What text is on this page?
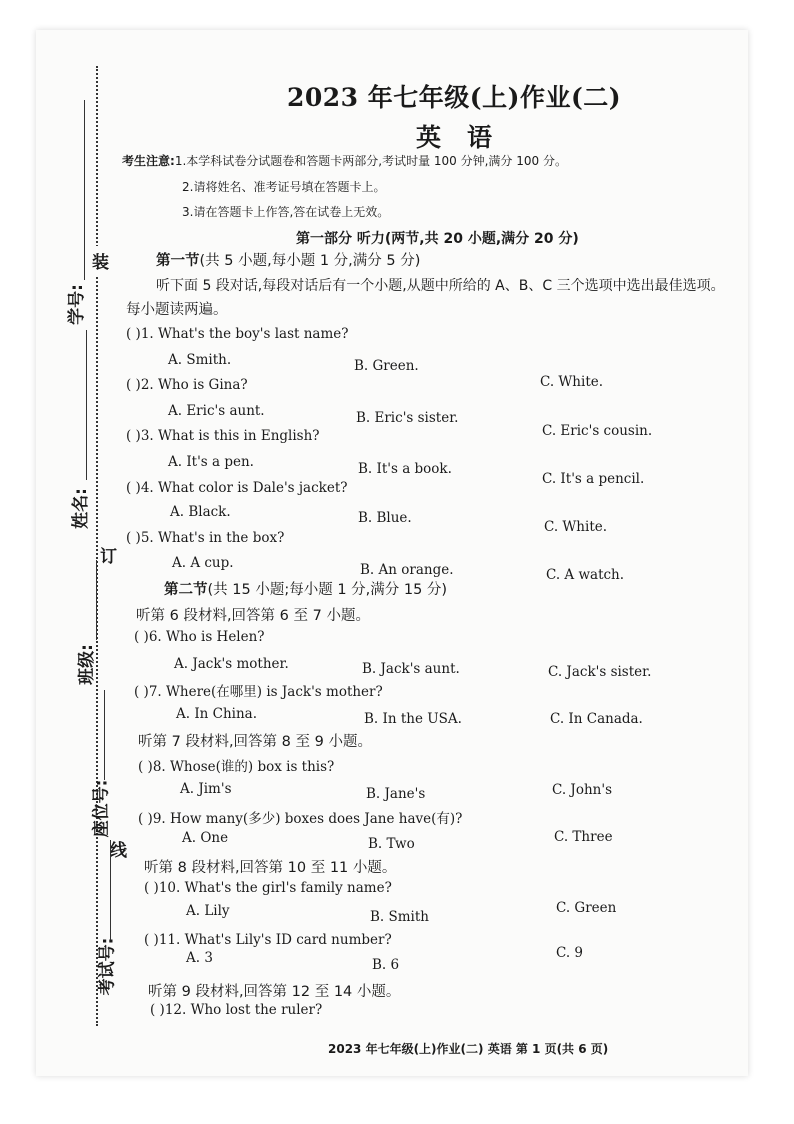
装
订
线
学号:
姓名:
班级:
座位号:
考试号:
2023 年七年级(上)作业(二)
英语
考生注意:1.本学科试卷分试题卷和答题卡两部分,考试时量 100 分钟,满分 100 分。
2.请将姓名、准考证号填在答题卡上。
3.请在答题卡上作答,答在试卷上无效。
第一部分 听力(两节,共 20 小题,满分 20 分)
第一节(共 5 小题,每小题 1 分,满分 5 分)
听下面 5 段对话,每段对话后有一个小题,从题中所给的 A、B、C 三个选项中选出最佳选项。
每小题读两遍。
( )1. What's the boy's last name?
A. Smith.	B. Green.
C. White.
( )2. Who is Gina?
A. Eric's aunt.	B. Eric's sister.
C. Eric's cousin.
( )3. What is this in English?
A. It's a pen.	B. It's a book.
C. It's a pencil.
( )4. What color is Dale's jacket?
A. Black.	B. Blue.
C. White.
( )5. What's in the box?
A. A cup.	B. An orange.	C. A watch.
第二节(共 15 小题;每小题 1 分,满分 15 分)
听第 6 段材料,回答第 6 至 7 小题。
( )6. Who is Helen?
A. Jack's mother.	B. Jack's aunt.	C. Jack's sister.
( )7. Where(在哪里) is Jack's mother?
A. In China.	B. In the USA.	C. In Canada.
听第 7 段材料,回答第 8 至 9 小题。
( )8. Whose(谁的) box is this?
A. Jim's	B. Jane's	C. John's
( )9. How many(多少) boxes does Jane have(有)?
A. One	B. Two	C. Three
听第 8 段材料,回答第 10 至 11 小题。
( )10. What's the girl's family name?
A. Lily	B. Smith
C. Green
( )11. What's Lily's ID card number?
A. 3	B. 6
C. 9
听第 9 段材料,回答第 12 至 14 小题。
( )12. Who lost the ruler?
2023 年七年级(上)作业(二) 英语 第 1 页(共 6 页)
